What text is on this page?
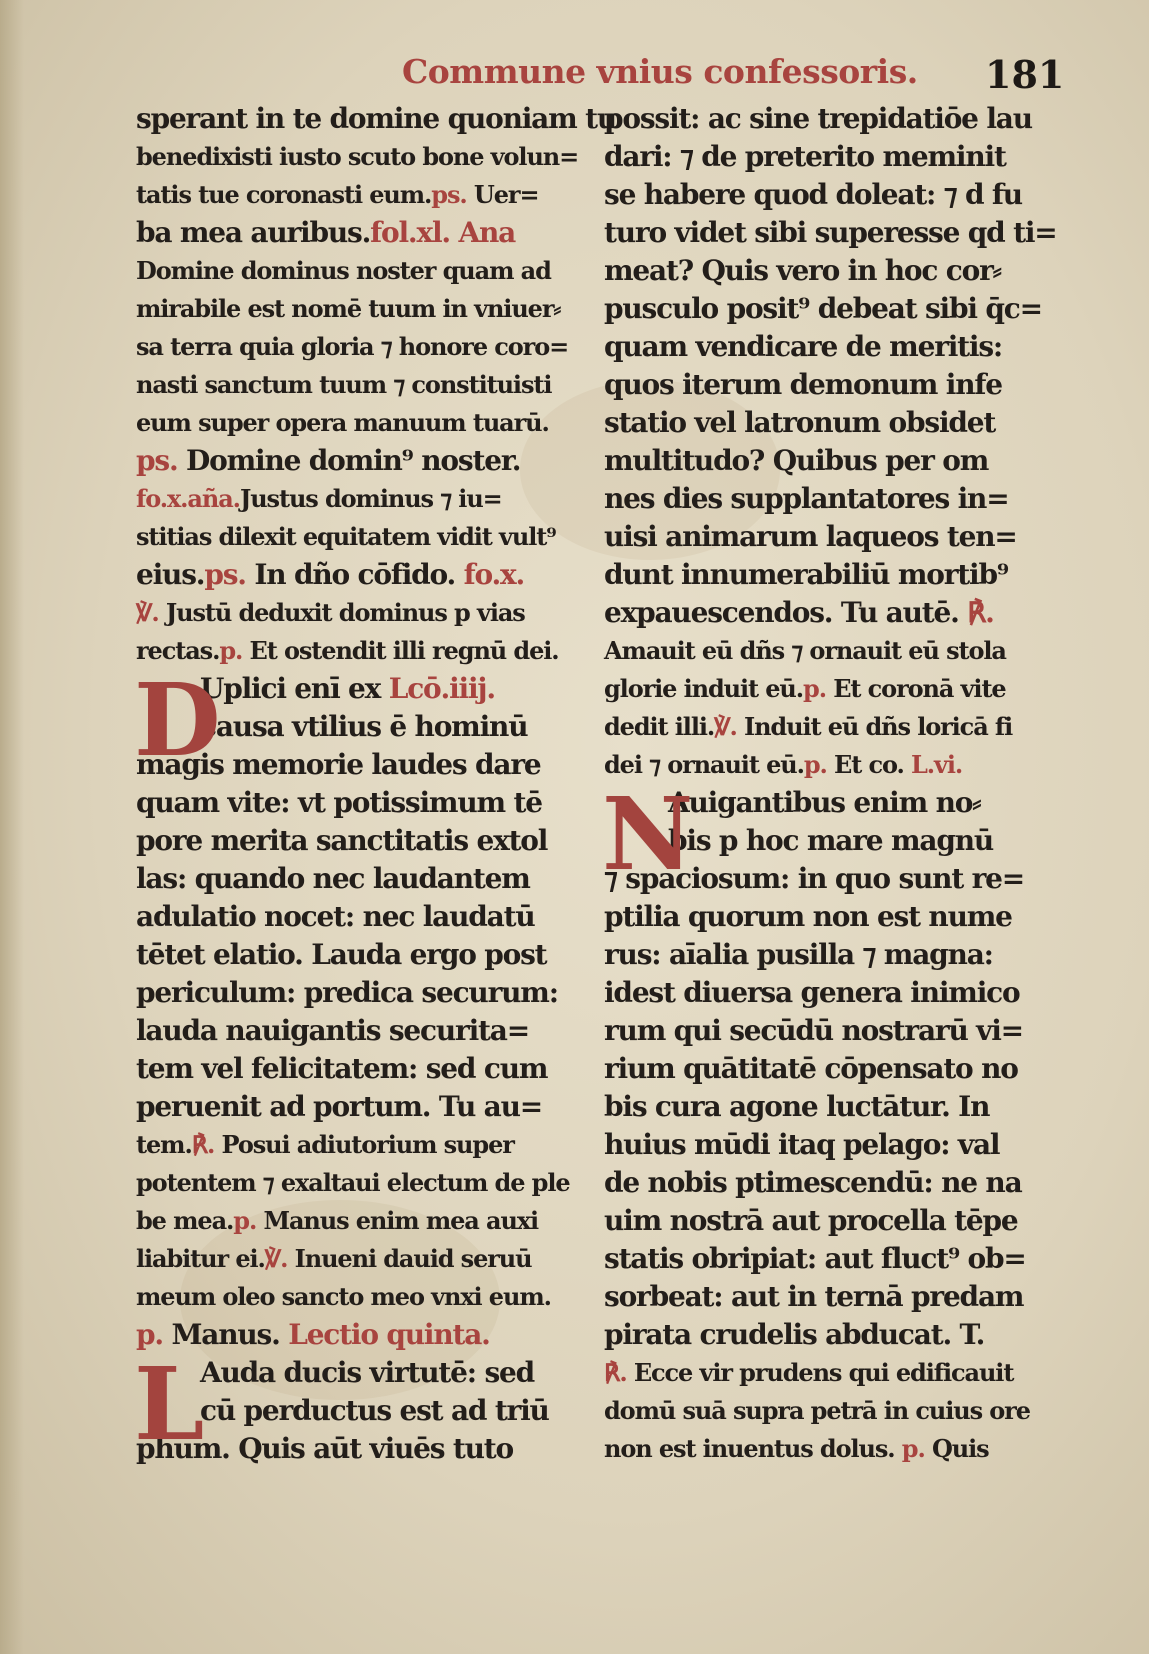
Commune vnius confessoris. 181
sperant in te domine quoniam tu
benedixisti iusto scuto bone volun=
tatis tue coronasti eum.ps. Uer=
ba mea auribus.fol.xl. Ana
Domine dominus noster quam ad
mirabile est nomē tuum in vniuer⸗
sa terra quia gloria ⁊ honore coro=
nasti sanctum tuum ⁊ constituisti
eum super opera manuum tuarū.
ps. Domine domin⁹ noster.
fo.x.aña.Justus dominus ⁊ iu=
stitias dilexit equitatem vidit vult⁹
eius.ps. In dño cōfido. fo.x.
℣. Justū deduxit dominus p vias
rectas.p. Et ostendit illi regnū dei.
D
Uplici enī ex Lcō.iiij.
causa vtilius ē hominū
magis memorie laudes dare
quam vite: vt potissimum tē
pore merita sanctitatis extol
las: quando nec laudantem
adulatio nocet: nec laudatū
tētet elatio. Lauda ergo post
periculum: predica securum:
lauda nauigantis securita=
tem vel felicitatem: sed cum
peruenit ad portum. Tu au=
tem.℟. Posui adiutorium super
potentem ⁊ exaltaui electum de ple
be mea.p. Manus enim mea auxi
liabitur ei.℣. Inueni dauid seruū
meum oleo sancto meo vnxi eum.
p. Manus. Lectio quinta.
L
Auda ducis virtutē: sed
cū perductus est ad triū
phum. Quis aūt viuēs tuto
possit: ac sine trepidatiōe lau
dari: ⁊ de preterito meminit
se habere quod doleat: ⁊ d fu
turo videt sibi superesse qd ti=
meat? Quis vero in hoc cor⸗
pusculo posit⁹ debeat sibi q̄c=
quam vendicare de meritis:
quos iterum demonum infe
statio vel latronum obsidet
multitudo? Quibus per om
nes dies supplantatores in=
uisi animarum laqueos ten=
dunt innumerabiliū mortib⁹
expauescendos. Tu autē. ℟.
Amauit eū dñs ⁊ ornauit eū stola
glorie induit eū.p. Et coronā vite
dedit illi.℣. Induit eū dñs loricā fi
dei ⁊ ornauit eū.p. Et co. L.vi.
N
Auigantibus enim no⸗
bis p hoc mare magnū
⁊ spaciosum: in quo sunt re=
ptilia quorum non est nume
rus: aīalia pusilla ⁊ magna:
idest diuersa genera inimico
rum qui secūdū nostrarū vi=
rium quātitatē cōpensato no
bis cura agone luctātur. In
huius mūdi itaq pelago: val
de nobis ptimescendū: ne na
uim nostrā aut procella tēpe
statis obripiat: aut fluct⁹ ob=
sorbeat: aut in ternā predam
pirata crudelis abducat. T.
℟. Ecce vir prudens qui edificauit
domū suā supra petrā in cuius ore
non est inuentus dolus. p. Quis
